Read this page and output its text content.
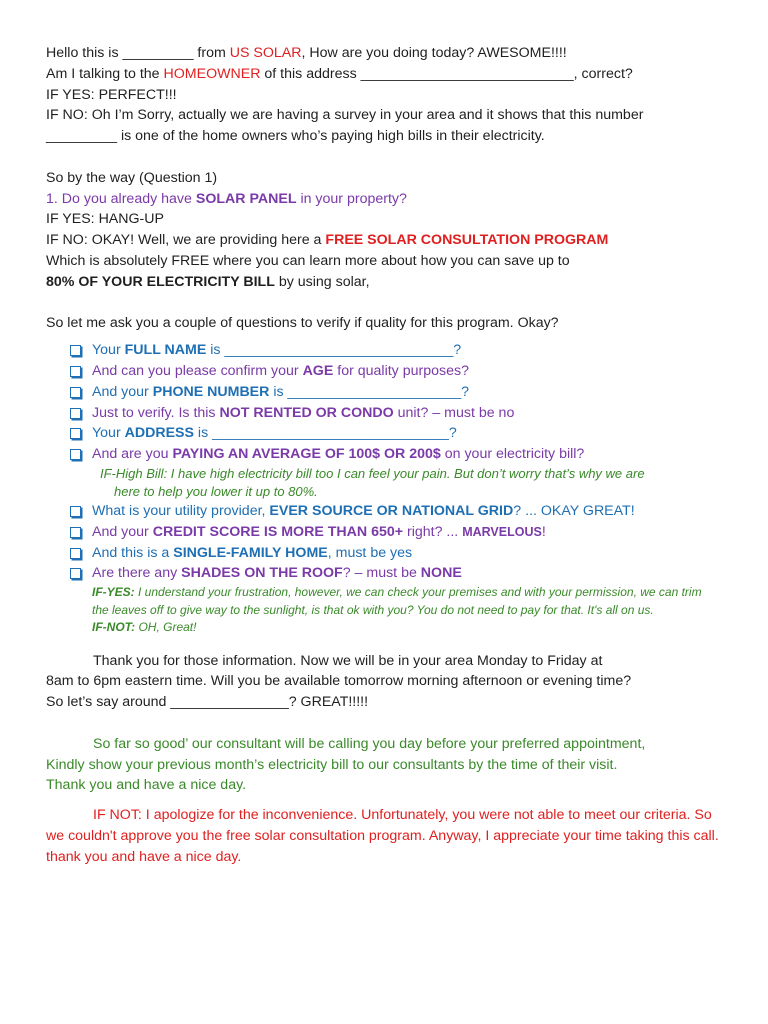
Hello this is _________ from US SOLAR, How are you doing today? AWESOME!!!!
Am I talking to the HOMEOWNER of this address ___________________________, correct?
IF YES: PERFECT!!!
IF NO: Oh I’m Sorry, actually we are having a survey in your area and it shows that this number
_________ is one of the home owners who’s paying high bills in their electricity.
So by the way (Question 1)
1. Do you already have SOLAR PANEL in your property?
IF YES: HANG-UP
IF NO: OKAY! Well, we are providing here a FREE SOLAR CONSULTATION PROGRAM
Which is absolutely FREE where you can learn more about how you can save up to
80% OF YOUR ELECTRICITY BILL by using solar,
So let me ask you a couple of questions to verify if quality for this program. Okay?
Your FULL NAME is _____________________________?
And can you please confirm your AGE for quality purposes?
And your PHONE NUMBER is ______________________?
Just to verify. Is this NOT RENTED OR CONDO unit? – must be no
Your ADDRESS is ______________________________?
And are you PAYING AN AVERAGE OF 100$ OR 200$ on your electricity bill?
IF-High Bill: I have high electricity bill too I can feel your pain. But don’t worry that’s why we are
here to help you lower it up to 80%.
What is your utility provider, EVER SOURCE OR NATIONAL GRID? ... OKAY GREAT!
And your CREDIT SCORE IS MORE THAN 650+ right? ... MARVELOUS!
And this is a SINGLE-FAMILY HOME, must be yes
Are there any SHADES ON THE ROOF? – must be NONE
IF-YES: I understand your frustration, however, we can check your premises and with your permission, we can trim the leaves off to give way to the sunlight, is that ok with you? You do not need to pay for that. It's all on us.
IF-NOT: OH, Great!
Thank you for those information. Now we will be in your area Monday to Friday at
8am to 6pm eastern time. Will you be available tomorrow morning afternoon or evening time?
So let’s say around _______________? GREAT!!!!!
So far so good’ our consultant will be calling you day before your preferred appointment,
Kindly show your previous month’s electricity bill to our consultants by the time of their visit.
Thank you and have a nice day.

IF NOT: I apologize for the inconvenience. Unfortunately, you were not able to meet our criteria. So we couldn't approve you the free solar consultation program. Anyway, I appreciate your time taking this call. thank you and have a nice day.
